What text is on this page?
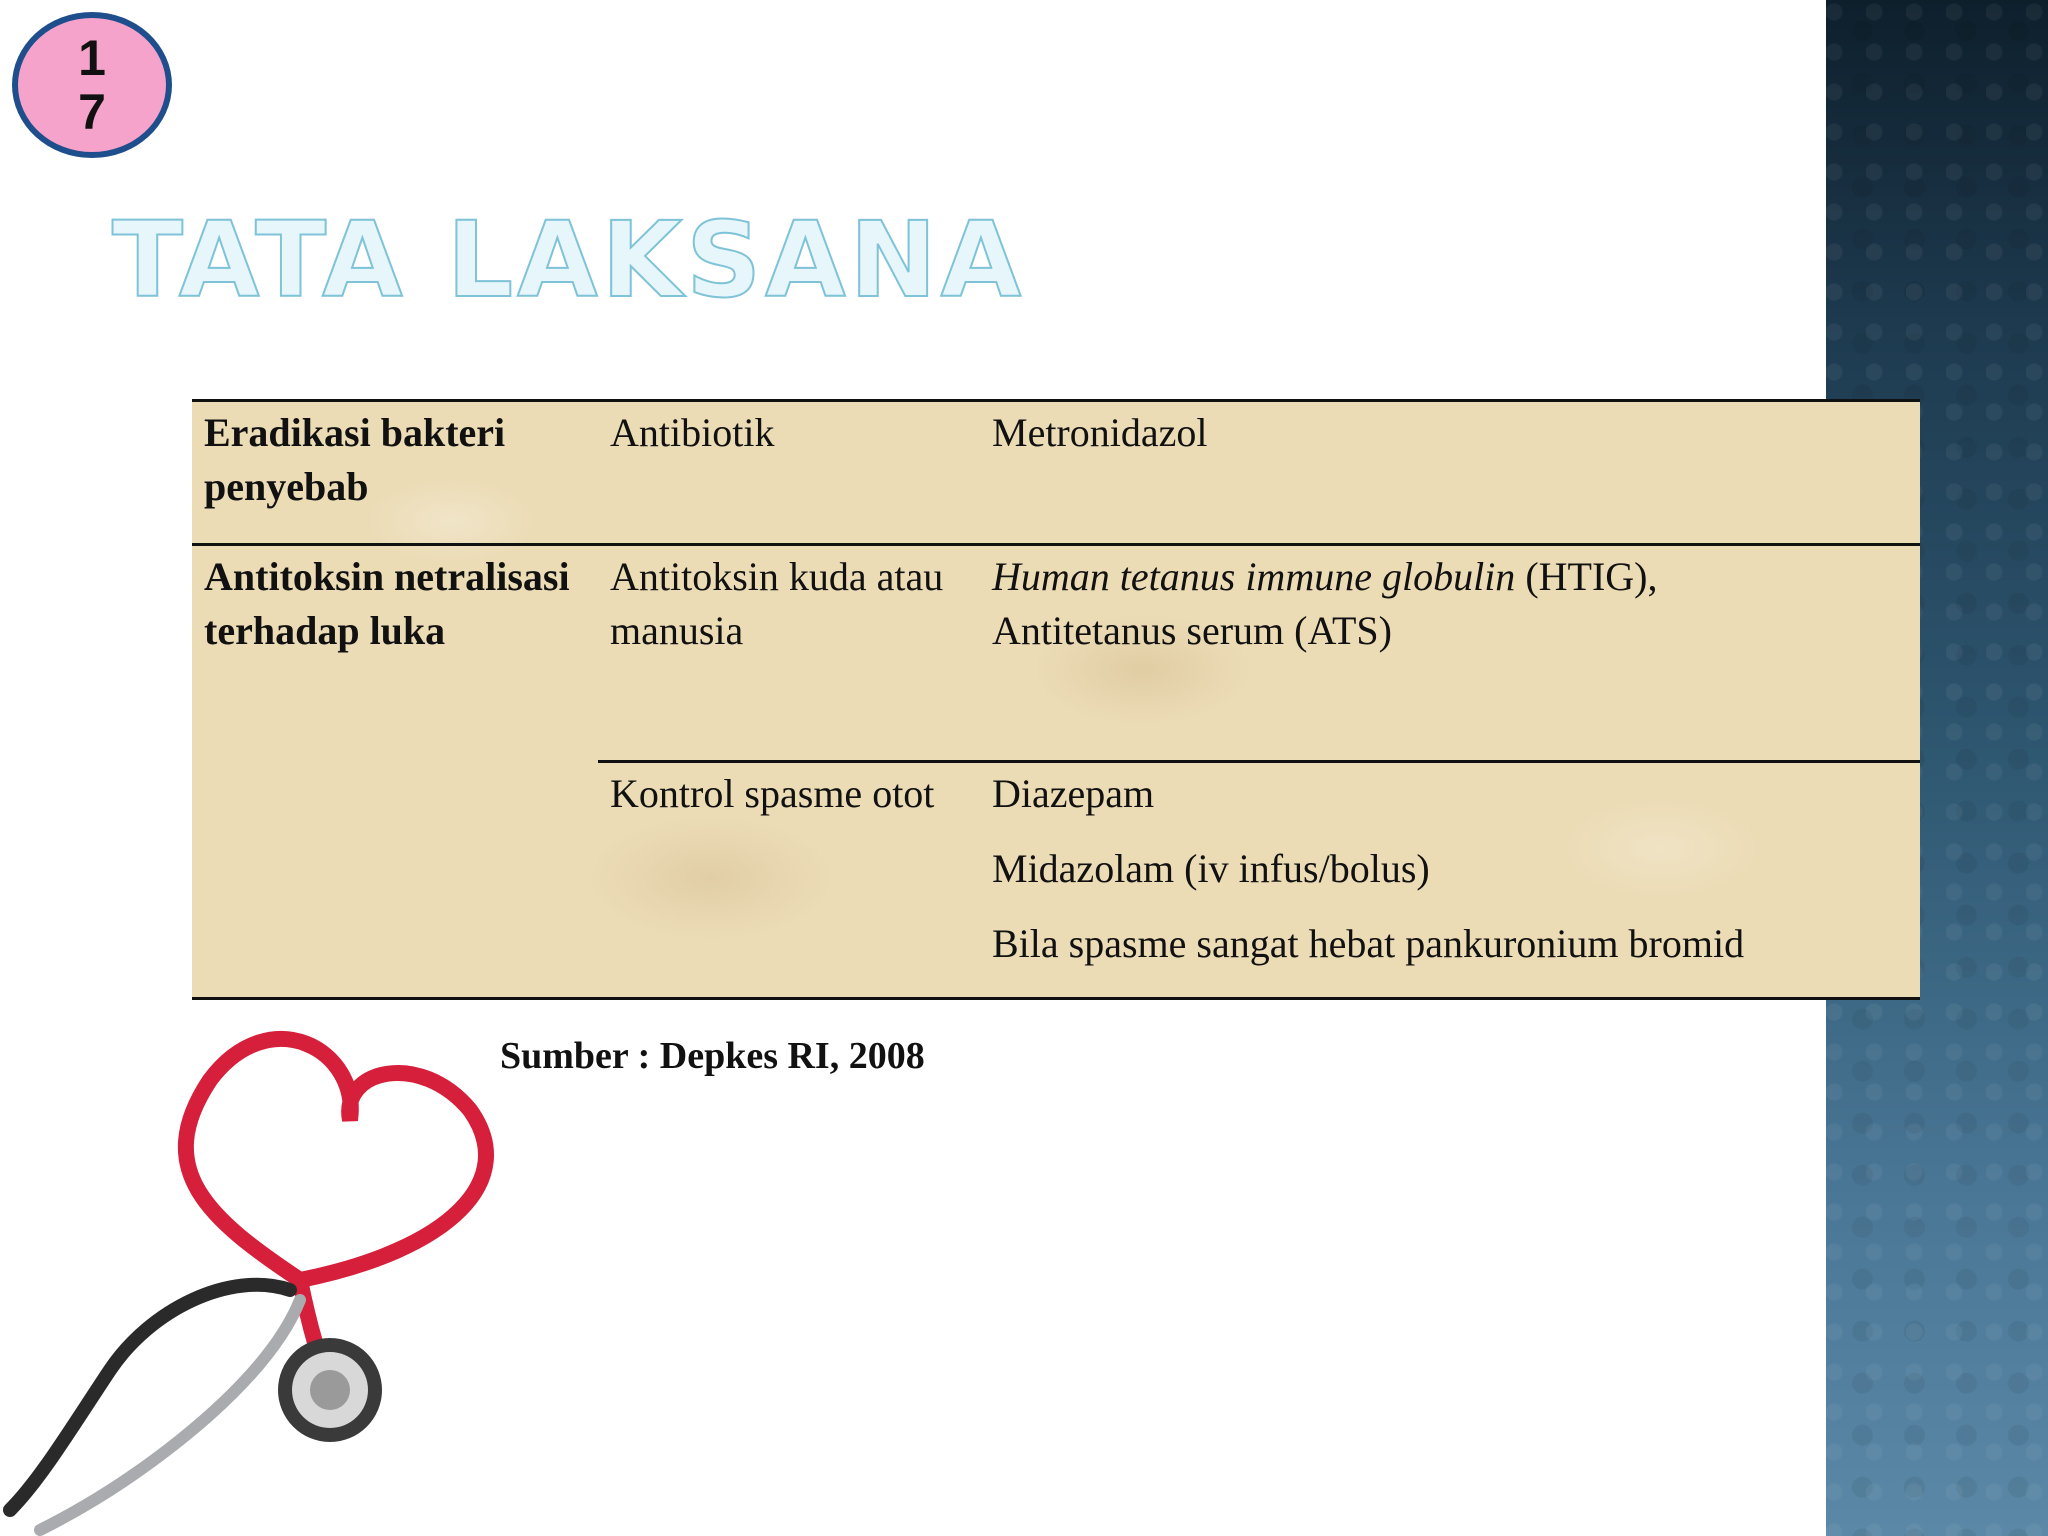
17
TATA LAKSANA
Eradikasi bakteri penyebab	Antibiotik	Metronidazol

Antitoksin netralisasi terhadap luka	Antitoksin kuda atau manusia	Human tetanus immune globulin (HTIG),
Antitetanus serum (ATS)
	Kontrol spasme otot	Diazepam
Midazolam (iv infus/bolus)
Bila spasme sangat hebat pankuronium bromid
Sumber : Depkes RI, 2008
